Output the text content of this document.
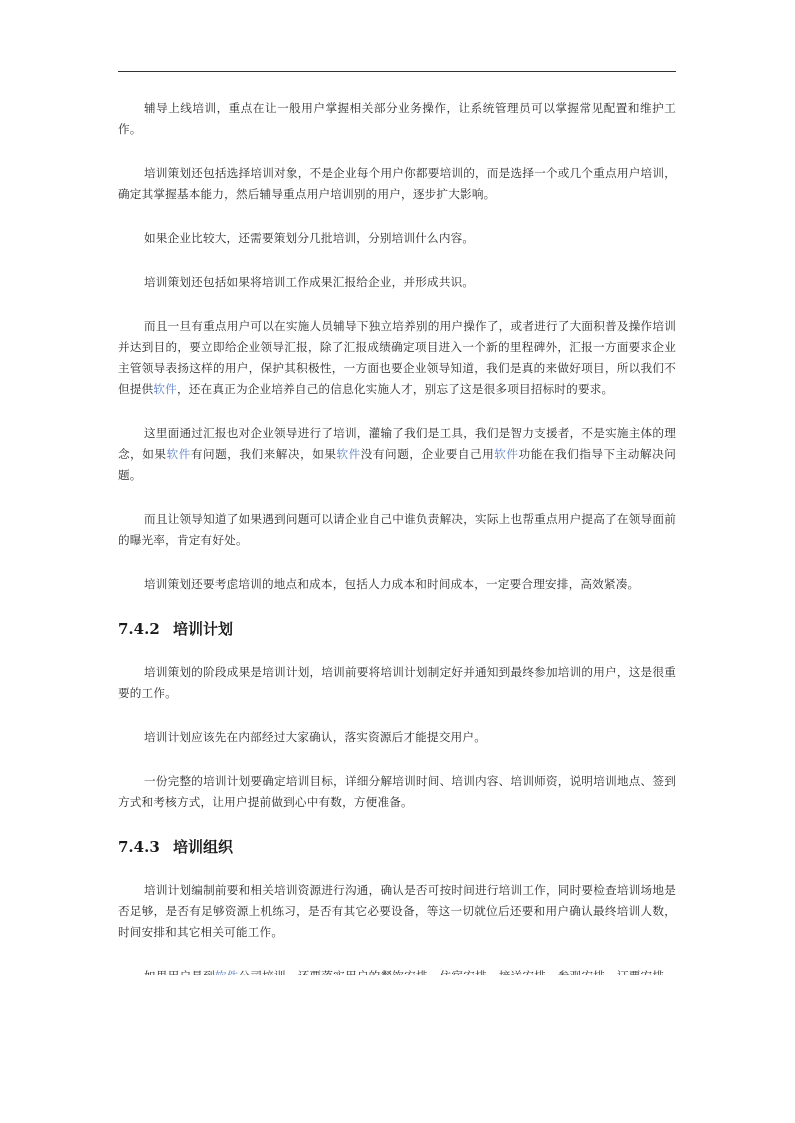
辅导上线培训，重点在让一般用户掌握相关部分业务操作，让系统管理员可以掌握常见配置和维护工作。

培训策划还包括选择培训对象，不是企业每个用户你都要培训的，而是选择一个或几个重点用户培训，确定其掌握基本能力，然后辅导重点用户培训别的用户，逐步扩大影响。

如果企业比较大，还需要策划分几批培训，分别培训什么内容。

培训策划还包括如果将培训工作成果汇报给企业，并形成共识。

而且一旦有重点用户可以在实施人员辅导下独立培养别的用户操作了，或者进行了大面积普及操作培训并达到目的，要立即给企业领导汇报，除了汇报成绩确定项目进入一个新的里程碑外，汇报一方面要求企业主管领导表扬这样的用户，保护其积极性，一方面也要企业领导知道，我们是真的来做好项目，所以我们不但提供软件，还在真正为企业培养自己的信息化实施人才，别忘了这是很多项目招标时的要求。

这里面通过汇报也对企业领导进行了培训，灌输了我们是工具，我们是智力支援者，不是实施主体的理念，如果软件有问题，我们来解决，如果软件没有问题，企业要自己用软件功能在我们指导下主动解决问题。

而且让领导知道了如果遇到问题可以请企业自己中谁负责解决，实际上也帮重点用户提高了在领导面前的曝光率，肯定有好处。

培训策划还要考虑培训的地点和成本，包括人力成本和时间成本，一定要合理安排，高效紧凑。

7.4.2 培训计划

培训策划的阶段成果是培训计划，培训前要将培训计划制定好并通知到最终参加培训的用户，这是很重要的工作。

培训计划应该先在内部经过大家确认，落实资源后才能提交用户。

一份完整的培训计划要确定培训目标，详细分解培训时间、培训内容、培训师资，说明培训地点、签到方式和考核方式，让用户提前做到心中有数，方便准备。

7.4.3 培训组织

培训计划编制前要和相关培训资源进行沟通，确认是否可按时间进行培训工作，同时要检查培训场地是否足够，是否有足够资源上机练习，是否有其它必要设备，等这一切就位后还要和用户确认最终培训人数，时间安排和其它相关可能工作。
